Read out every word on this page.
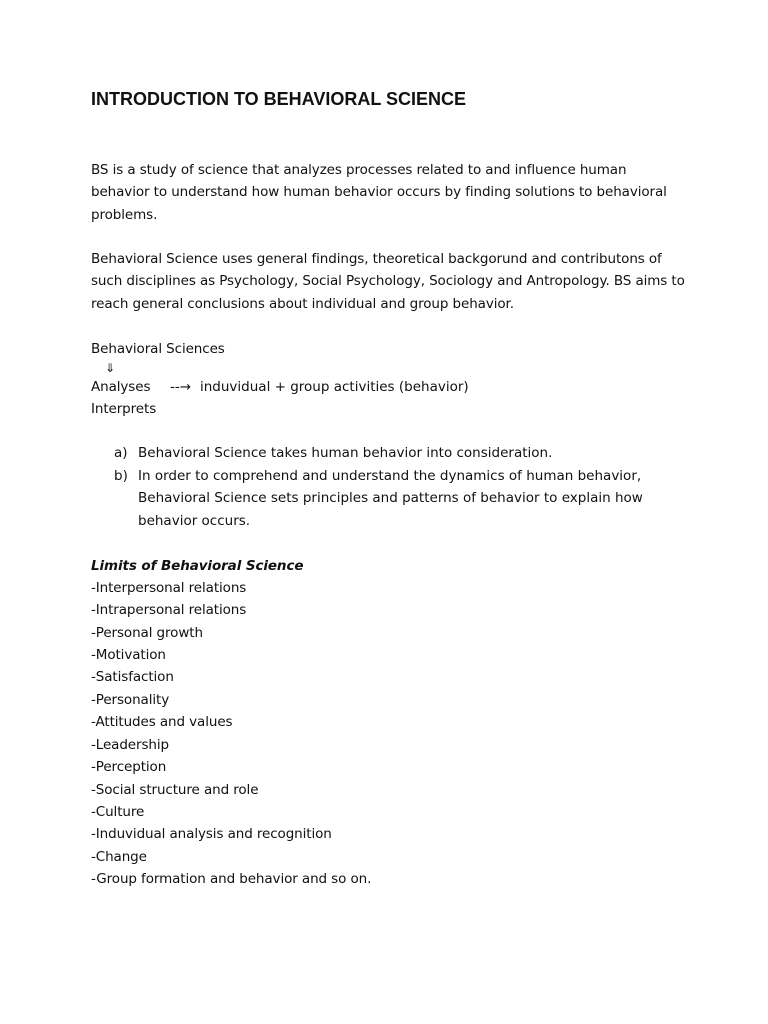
INTRODUCTION TO BEHAVIORAL SCIENCE
BS is a study of science that analyzes processes related to and influence human
behavior to understand how human behavior occurs by finding solutions to behavioral
problems.
Behavioral Science uses general findings, theoretical backgorund and contributons of
such disciplines as Psychology, Social Psychology, Sociology and Antropology. BS aims to
reach general conclusions about individual and group behavior.
Behavioral Sciences
⇓
Analyses --→ induvidual + group activities (behavior)
Interprets
a) Behavioral Science takes human behavior into consideration.
b) In order to comprehend and understand the dynamics of human behavior,
Behavioral Science sets principles and patterns of behavior to explain how
behavior occurs.
Limits of Behavioral Science
-Interpersonal relations
-Intrapersonal relations
-Personal growth
-Motivation
-Satisfaction
-Personality
-Attitudes and values
-Leadership
-Perception
-Social structure and role
-Culture
-Induvidual analysis and recognition
-Change
-Group formation and behavior and so on.
